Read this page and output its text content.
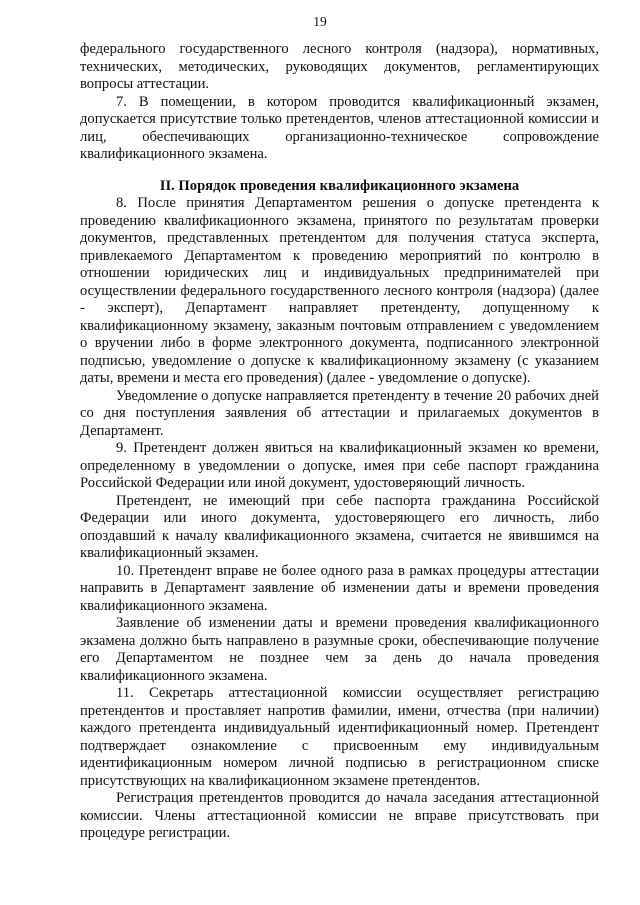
19

федерального государственного лесного контроля (надзора), нормативных, технических, методических, руководящих документов, регламентирующих вопросы аттестации.

7. В помещении, в котором проводится квалификационный экзамен, допускается присутствие только претендентов, членов аттестационной комиссии и лиц, обеспечивающих организационно-техническое сопровождение квалификационного экзамена.

II. Порядок проведения квалификационного экзамена

8. После принятия Департаментом решения о допуске претендента к проведению квалификационного экзамена, принятого по результатам проверки документов, представленных претендентом для получения статуса эксперта, привлекаемого Департаментом к проведению мероприятий по контролю в отношении юридических лиц и индивидуальных предпринимателей при осуществлении федерального государственного лесного контроля (надзора) (далее - эксперт), Департамент направляет претенденту, допущенному к квалификационному экзамену, заказным почтовым отправлением с уведомлением о вручении либо в форме электронного документа, подписанного электронной подписью, уведомление о допуске к квалификационному экзамену (с указанием даты, времени и места его проведения) (далее - уведомление о допуске).

Уведомление о допуске направляется претенденту в течение 20 рабочих дней со дня поступления заявления об аттестации и прилагаемых документов в Департамент.

9. Претендент должен явиться на квалификационный экзамен ко времени, определенному в уведомлении о допуске, имея при себе паспорт гражданина Российской Федерации или иной документ, удостоверяющий личность.

Претендент, не имеющий при себе паспорта гражданина Российской Федерации или иного документа, удостоверяющего его личность, либо опоздавший к началу квалификационного экзамена, считается не явившимся на квалификационный экзамен.

10. Претендент вправе не более одного раза в рамках процедуры аттестации направить в Департамент заявление об изменении даты и времени проведения квалификационного экзамена.

Заявление об изменении даты и времени проведения квалификационного экзамена должно быть направлено в разумные сроки, обеспечивающие получение его Департаментом не позднее чем за день до начала проведения квалификационного экзамена.

11. Секретарь аттестационной комиссии осуществляет регистрацию претендентов и проставляет напротив фамилии, имени, отчества (при наличии) каждого претендента индивидуальный идентификационный номер. Претендент подтверждает ознакомление с присвоенным ему индивидуальным идентификационным номером личной подписью в регистрационном списке присутствующих на квалификационном экзамене претендентов.

Регистрация претендентов проводится до начала заседания аттестационной комиссии. Члены аттестационной комиссии не вправе присутствовать при процедуре регистрации.
